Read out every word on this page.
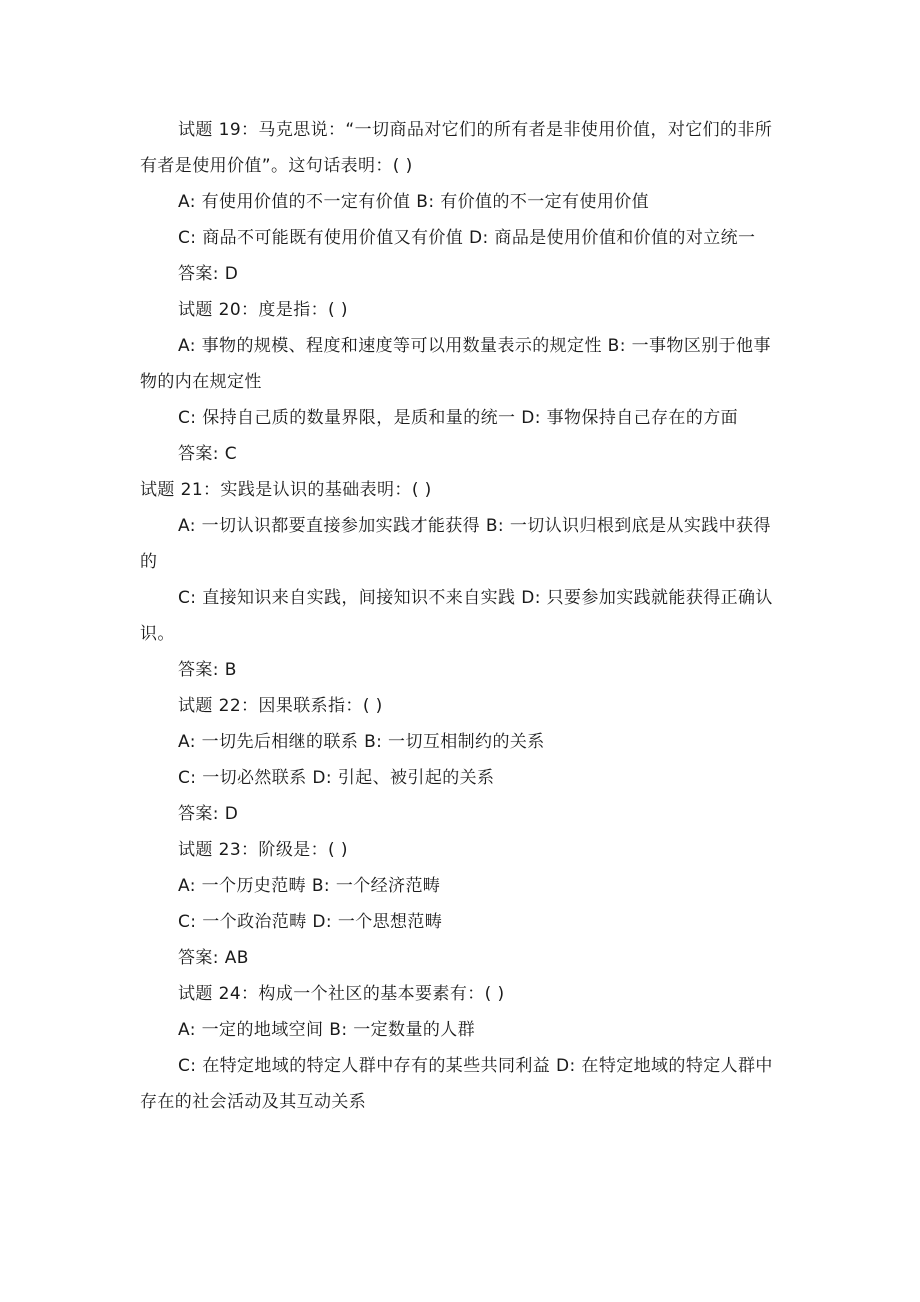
试题 19：马克思说：“一切商品对它们的所有者是非使用价值，对它们的非所有者是使用价值”。这句话表明：( )
A: 有使用价值的不一定有价值 B: 有价值的不一定有使用价值
C: 商品不可能既有使用价值又有价值 D: 商品是使用价值和价值的对立统一
答案: D
试题 20：度是指：( )
A: 事物的规模、程度和速度等可以用数量表示的规定性 B: 一事物区别于他事物的内在规定性
C: 保持自己质的数量界限，是质和量的统一 D: 事物保持自己存在的方面
答案: C
试题 21：实践是认识的基础表明：( )
A: 一切认识都要直接参加实践才能获得 B: 一切认识归根到底是从实践中获得的
C: 直接知识来自实践，间接知识不来自实践 D: 只要参加实践就能获得正确认识。
答案: B
试题 22：因果联系指：( )
A: 一切先后相继的联系 B: 一切互相制约的关系
C: 一切必然联系 D: 引起、被引起的关系
答案: D
试题 23：阶级是：( )
A: 一个历史范畴 B: 一个经济范畴
C: 一个政治范畴 D: 一个思想范畴
答案: AB
试题 24：构成一个社区的基本要素有：( )
A: 一定的地域空间 B: 一定数量的人群
C: 在特定地域的特定人群中存有的某些共同利益 D: 在特定地域的特定人群中存在的社会活动及其互动关系
